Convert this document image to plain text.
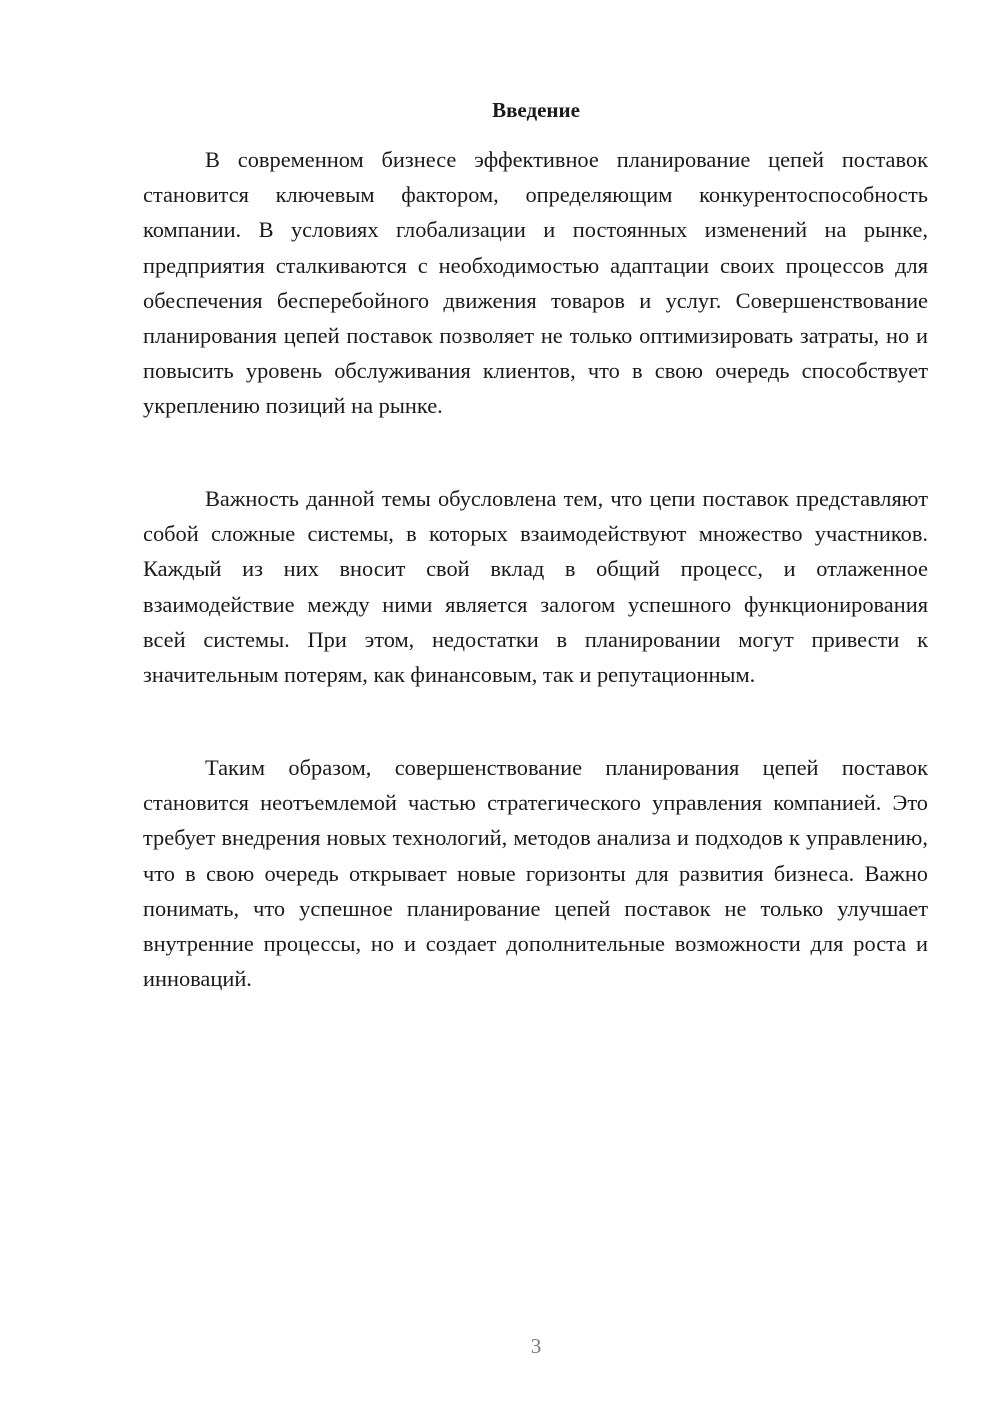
Введение

В современном бизнесе эффективное планирование цепей поставок становится ключевым фактором, определяющим конкурентоспособность компании. В условиях глобализации и постоянных изменений на рынке, предприятия сталкиваются с необходимостью адаптации своих процессов для обеспечения бесперебойного движения товаров и услуг. Совершенствование планирования цепей поставок позволяет не только оптимизировать затраты, но и повысить уровень обслуживания клиентов, что в свою очередь способствует укреплению позиций на рынке.

Важность данной темы обусловлена тем, что цепи поставок представляют собой сложные системы, в которых взаимодействуют множество участников. Каждый из них вносит свой вклад в общий процесс, и отлаженное взаимодействие между ними является залогом успешного функционирования всей системы. При этом, недостатки в планировании могут привести к значительным потерям, как финансовым, так и репутационным.

Таким образом, совершенствование планирования цепей поставок становится неотъемлемой частью стратегического управления компанией. Это требует внедрения новых технологий, методов анализа и подходов к управлению, что в свою очередь открывает новые горизонты для развития бизнеса. Важно понимать, что успешное планирование цепей поставок не только улучшает внутренние процессы, но и создает дополнительные возможности для роста и инноваций.

3
